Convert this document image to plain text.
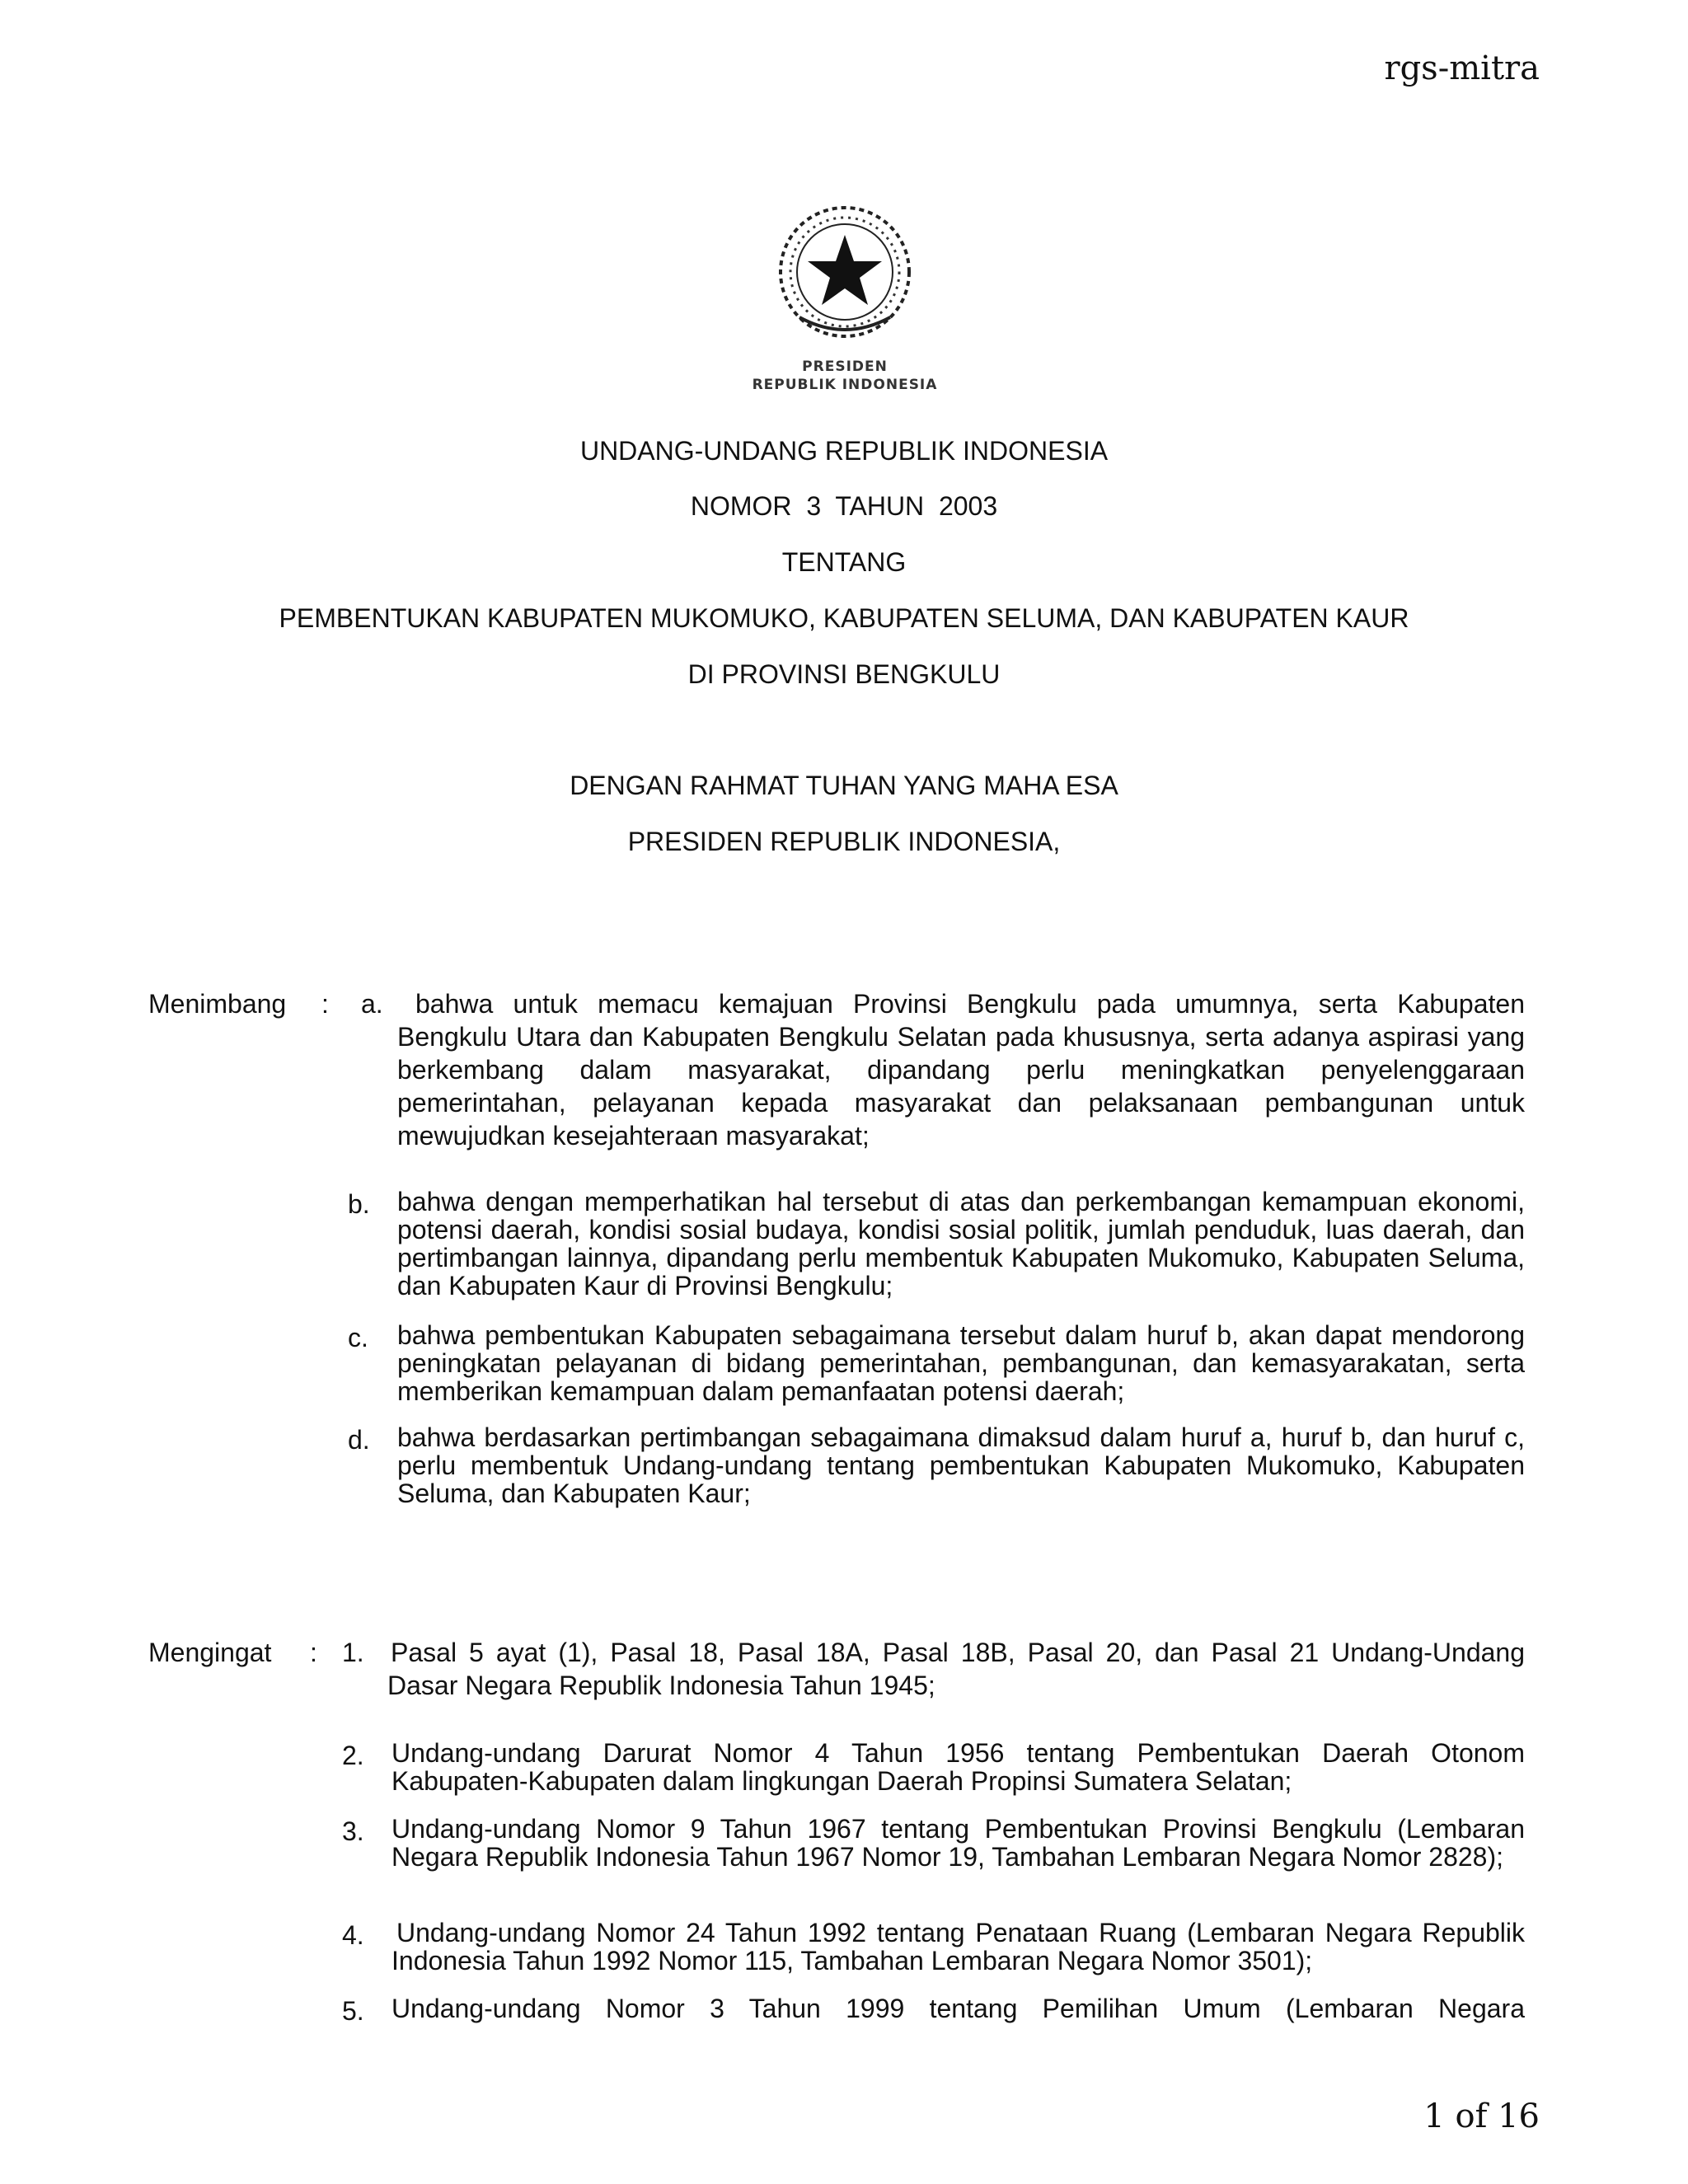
rgs-mitra
PRESIDEN
REPUBLIK INDONESIA
UNDANG-UNDANG REPUBLIK INDONESIA
NOMOR  3  TAHUN  2003
TENTANG
PEMBENTUKAN KABUPATEN MUKOMUKO, KABUPATEN SELUMA, DAN KABUPATEN KAUR
DI PROVINSI BENGKULU
DENGAN RAHMAT TUHAN YANG MAHA ESA
PRESIDEN REPUBLIK INDONESIA,
Menimbang : a.	bahwa untuk memacu kemajuan Provinsi Bengkulu pada umumnya, serta Kabupaten Bengkulu Utara dan Kabupaten Bengkulu Selatan pada khususnya, serta adanya aspirasi yang berkembang dalam masyarakat, dipandang perlu meningkatkan penyelenggaraan pemerintahan, pelayanan kepada masyarakat dan pelaksanaan pembangunan untuk mewujudkan kesejahteraan masyarakat;
b. bahwa dengan memperhatikan hal tersebut di atas dan perkembangan kemampuan ekonomi, potensi daerah, kondisi sosial budaya, kondisi sosial politik, jumlah penduduk, luas daerah, dan pertimbangan lainnya, dipandang perlu membentuk Kabupaten Mukomuko, Kabupaten Seluma, dan Kabupaten Kaur di Provinsi Bengkulu;
c. bahwa pembentukan Kabupaten sebagaimana tersebut dalam huruf b, akan dapat mendorong peningkatan pelayanan di bidang pemerintahan, pembangunan, dan kemasyarakatan, serta memberikan kemampuan dalam pemanfaatan potensi daerah;
d. bahwa berdasarkan pertimbangan sebagaimana dimaksud dalam huruf a, huruf b, dan huruf c, perlu membentuk Undang-undang tentang pembentukan Kabupaten Mukomuko, Kabupaten Seluma, dan Kabupaten Kaur;
Mengingat : 1. Pasal 5 ayat (1), Pasal 18, Pasal 18A, Pasal 18B, Pasal 20, dan Pasal 21 Undang-Undang Dasar Negara Republik Indonesia Tahun 1945;
2. Undang-undang Darurat Nomor 4 Tahun 1956 tentang Pembentukan Daerah Otonom Kabupaten-Kabupaten dalam lingkungan Daerah Propinsi Sumatera Selatan;
3. Undang-undang Nomor 9 Tahun 1967 tentang Pembentukan Provinsi Bengkulu (Lembaran Negara Republik Indonesia Tahun 1967 Nomor 19, Tambahan Lembaran Negara Nomor 2828);
4. Undang-undang Nomor 24 Tahun 1992 tentang Penataan Ruang (Lembaran Negara Republik Indonesia Tahun 1992 Nomor 115, Tambahan Lembaran Negara Nomor 3501);
5. Undang-undang Nomor 3 Tahun 1999 tentang Pemilihan Umum (Lembaran Negara
1 of 16
